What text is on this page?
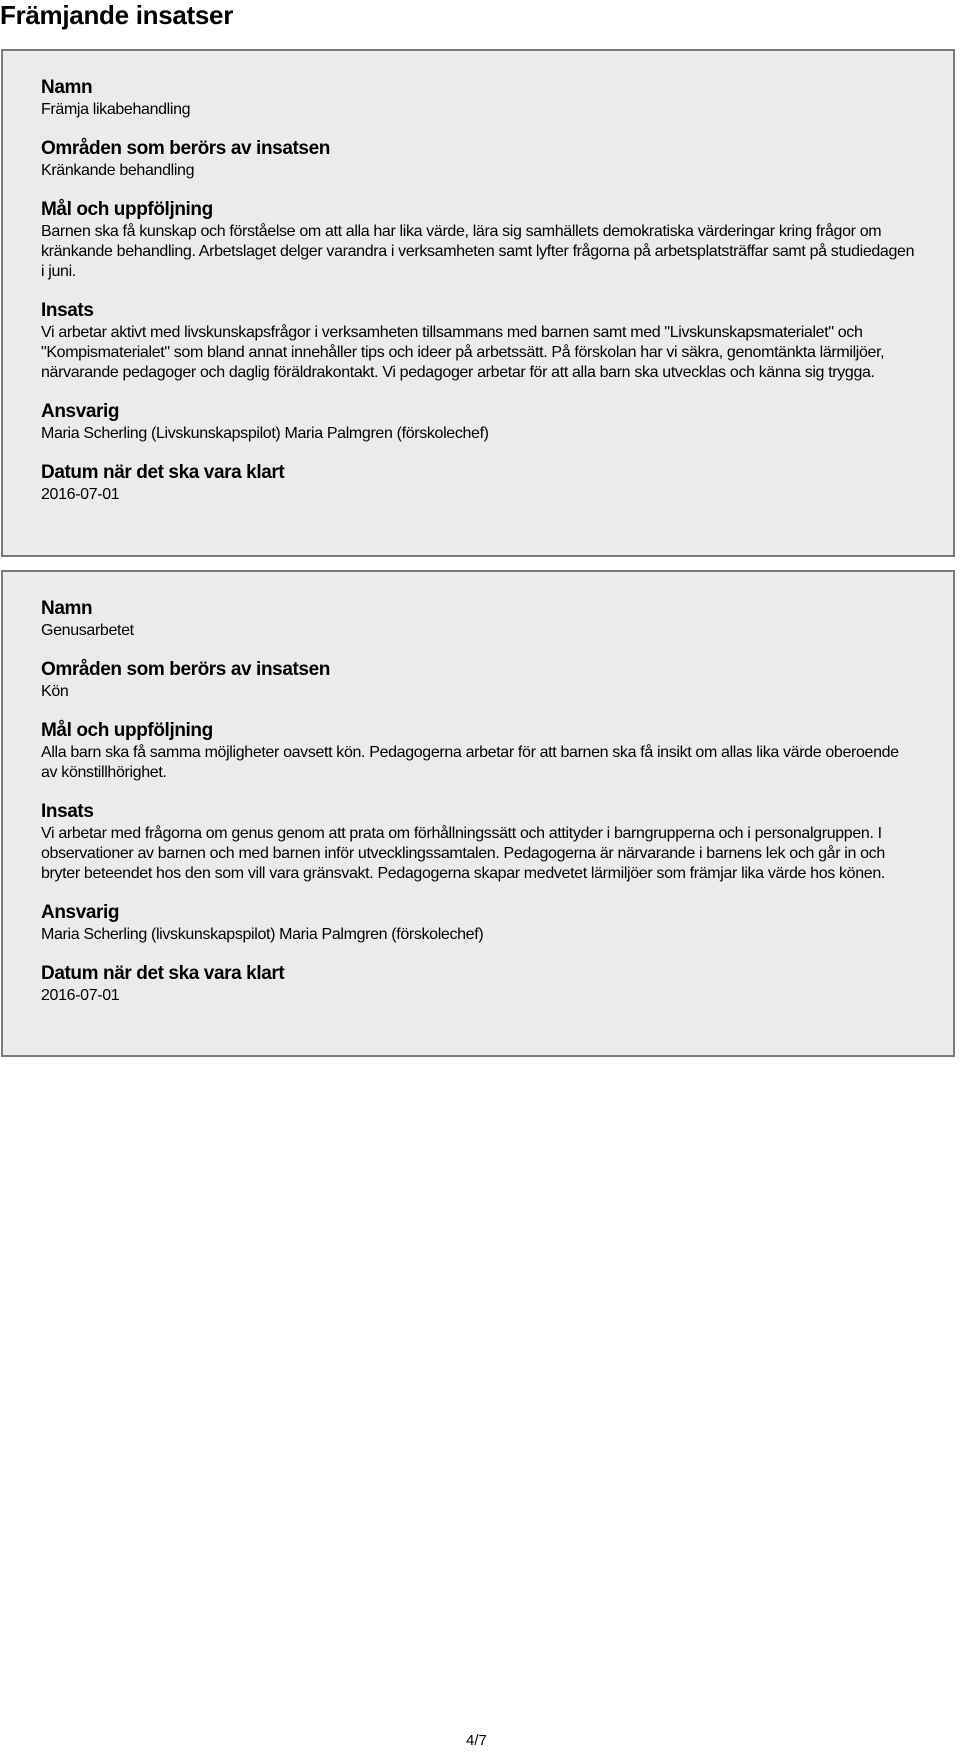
Främjande insatser
Namn
Främja likabehandling
Områden som berörs av insatsen
Kränkande behandling
Mål och uppföljning
Barnen ska få kunskap och förståelse om att alla har lika värde, lära sig samhällets demokratiska värderingar kring frågor om kränkande behandling. Arbetslaget delger varandra i verksamheten samt lyfter frågorna på arbetsplatsträffar samt på studiedagen i juni.
Insats
Vi arbetar aktivt med livskunskapsfrågor i verksamheten tillsammans med barnen samt med "Livskunskapsmaterialet" och "Kompismaterialet" som bland annat innehåller tips och ideer på arbetssätt. På förskolan har vi säkra, genomtänkta lärmiljöer, närvarande pedagoger och daglig föräldrakontakt. Vi pedagoger arbetar för att alla barn ska utvecklas och känna sig trygga.
Ansvarig
Maria Scherling (Livskunskapspilot) Maria Palmgren (förskolechef)
Datum när det ska vara klart
2016-07-01
Namn
Genusarbetet
Områden som berörs av insatsen
Kön
Mål och uppföljning
Alla barn ska få samma möjligheter oavsett kön. Pedagogerna arbetar för att barnen ska få insikt om allas lika värde oberoende av könstillhörighet.
Insats
Vi arbetar med frågorna om genus genom att prata om förhållningssätt och attityder i barngrupperna och i personalgruppen. I observationer av barnen och med barnen inför utvecklingssamtalen. Pedagogerna är närvarande i barnens lek och går in och bryter beteendet hos den som vill vara gränsvakt. Pedagogerna skapar medvetet lärmiljöer som främjar lika värde hos könen.
Ansvarig
Maria Scherling (livskunskapspilot) Maria Palmgren (förskolechef)
Datum när det ska vara klart
2016-07-01
4/7
